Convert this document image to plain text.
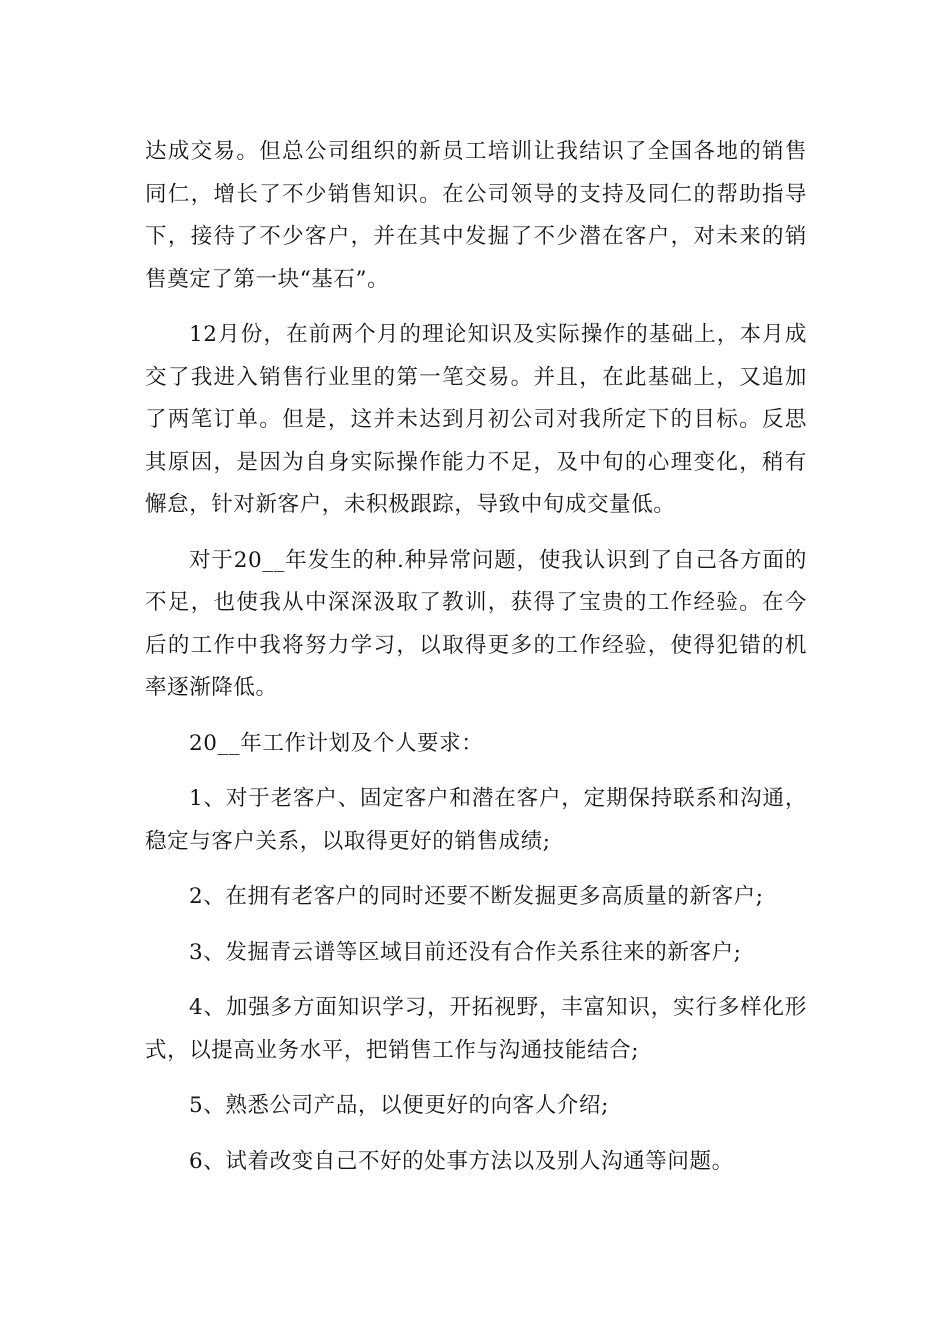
达成交易。但总公司组织的新员工培训让我结识了全国各地的销售同仁，增长了不少销售知识。在公司领导的支持及同仁的帮助指导下，接待了不少客户，并在其中发掘了不少潜在客户，对未来的销售奠定了第一块“基石”。

12月份，在前两个月的理论知识及实际操作的基础上，本月成交了我进入销售行业里的第一笔交易。并且，在此基础上，又追加了两笔订单。但是，这并未达到月初公司对我所定下的目标。反思其原因，是因为自身实际操作能力不足，及中旬的心理变化，稍有懈怠，针对新客户，未积极跟踪，导致中旬成交量低。

对于20__年发生的种.种异常问题，使我认识到了自己各方面的不足，也使我从中深深汲取了教训，获得了宝贵的工作经验。在今后的工作中我将努力学习，以取得更多的工作经验，使得犯错的机率逐渐降低。

20__年工作计划及个人要求：

1、对于老客户、固定客户和潜在客户，定期保持联系和沟通，稳定与客户关系，以取得更好的销售成绩;

2、在拥有老客户的同时还要不断发掘更多高质量的新客户;

3、发掘青云谱等区域目前还没有合作关系往来的新客户;

4、加强多方面知识学习，开拓视野，丰富知识，实行多样化形式，以提高业务水平，把销售工作与沟通技能结合;

5、熟悉公司产品，以便更好的向客人介绍;

6、试着改变自己不好的处事方法以及别人沟通等问题。
